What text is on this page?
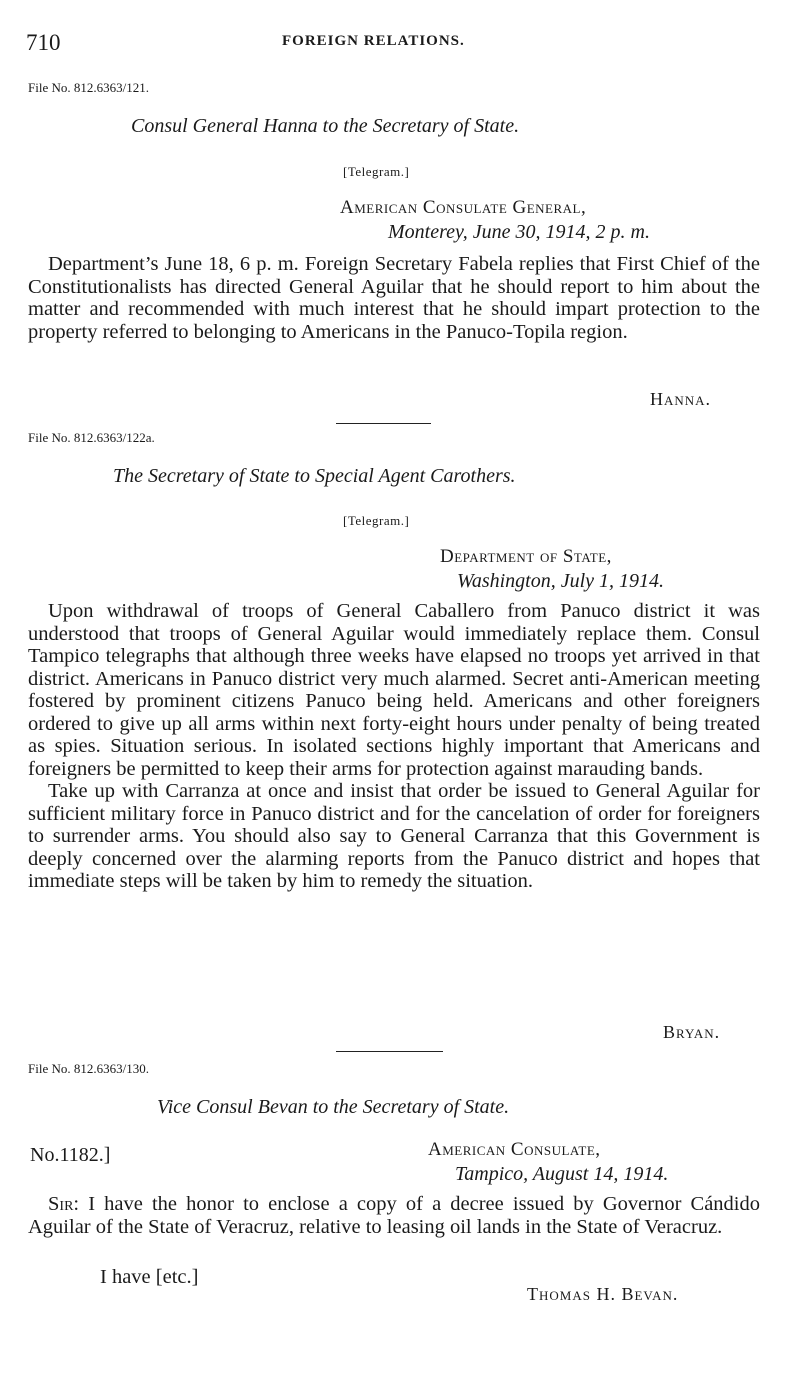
710	FOREIGN RELATIONS.
File No. 812.6363/121.
Consul General Hanna to the Secretary of State.
[Telegram.]
American Consulate General,
Monterey, June 30, 1914, 2 p. m.

Department’s June 18, 6 p. m. Foreign Secretary Fabela replies that First Chief of the Constitutionalists has directed General Aguilar that he should report to him about the matter and recommended with much interest that he should impart protection to the property referred to belonging to Americans in the Panuco-Topila region.

Hanna.
File No. 812.6363/122a.
The Secretary of State to Special Agent Carothers.
[Telegram.]
Department of State,
Washington, July 1, 1914.

Upon withdrawal of troops of General Caballero from Panuco district it was understood that troops of General Aguilar would immediately replace them. Consul Tampico telegraphs that although three weeks have elapsed no troops yet arrived in that district. Americans in Panuco district very much alarmed. Secret anti-American meeting fostered by prominent citizens Panuco being held. Americans and other foreigners ordered to give up all arms within next forty-eight hours under penalty of being treated as spies. Situation serious. In isolated sections highly important that Americans and foreigners be permitted to keep their arms for protection against marauding bands.

Take up with Carranza at once and insist that order be issued to General Aguilar for sufficient military force in Panuco district and for the cancelation of order for foreigners to surrender arms. You should also say to General Carranza that this Government is deeply concerned over the alarming reports from the Panuco district and hopes that immediate steps will be taken by him to remedy the situation.

Bryan.
File No. 812.6363/130.
Vice Consul Bevan to the Secretary of State.
No.1182.]	American Consulate,
Tampico, August 14, 1914.

Sir: I have the honor to enclose a copy of a decree issued by Governor Cándido Aguilar of the State of Veracruz, relative to leasing oil lands in the State of Veracruz.

I have [etc.]
Thomas H. Bevan.
